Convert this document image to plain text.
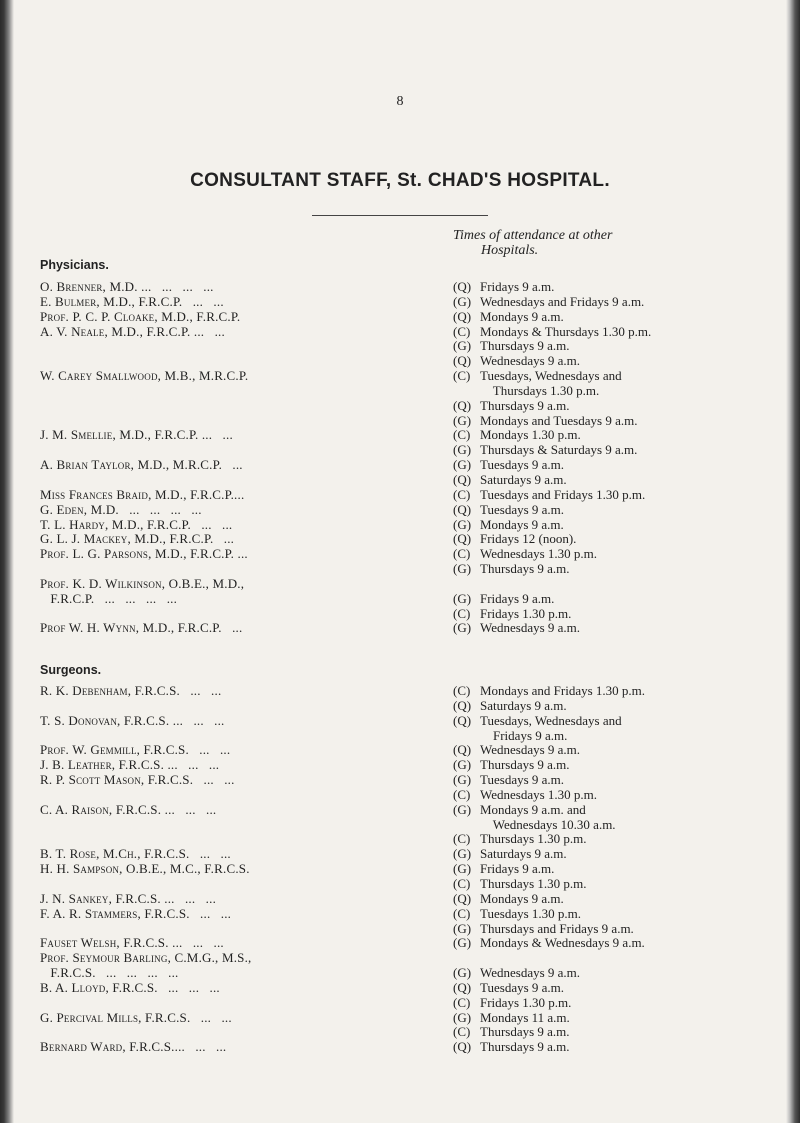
8
CONSULTANT STAFF, St. CHAD'S HOSPITAL.
Times of attendance at other
Hospitals.
Physicians.
O. Brenner, M.D. ...   ...   ...   ...	(Q) Fridays 9 a.m.
E. Bulmer, M.D., F.R.C.P.   ...   ...	(G) Wednesdays and Fridays 9 a.m.
Prof. P. C. P. Cloake, M.D., F.R.C.P.	(Q) Mondays 9 a.m.
A. V. Neale, M.D., F.R.C.P. ...   ...	(C) Mondays & Thursdays 1.30 p.m.
(G) Thursdays 9 a.m.
(Q) Wednesdays 9 a.m.
W. Carey Smallwood, M.B., M.R.C.P.	(C) Tuesdays, Wednesdays and
Thursdays 1.30 p.m.
(Q) Thursdays 9 a.m.
(G) Mondays and Tuesdays 9 a.m.
J. M. Smellie, M.D., F.R.C.P. ...   ...	(C) Mondays 1.30 p.m.
(G) Thursdays & Saturdays 9 a.m.
A. Brian Taylor, M.D., M.R.C.P.   ...	(G) Tuesdays 9 a.m.
(Q) Saturdays 9 a.m.
Miss Frances Braid, M.D., F.R.C.P....	(C) Tuesdays and Fridays 1.30 p.m.
G. Eden, M.D.   ...   ...   ...   ...	(Q) Tuesdays 9 a.m.
T. L. Hardy, M.D., F.R.C.P.   ...   ...	(G) Mondays 9 a.m.
G. L. J. Mackey, M.D., F.R.C.P.   ...	(Q) Fridays 12 (noon).
Prof. L. G. Parsons, M.D., F.R.C.P. ...	(C) Wednesdays 1.30 p.m.
(G) Thursdays 9 a.m.
Prof. K. D. Wilkinson, O.B.E., M.D.,
F.R.C.P.   ...   ...   ...   ...	(G) Fridays 9 a.m.
(C) Fridays 1.30 p.m.
Prof W. H. Wynn, M.D., F.R.C.P.   ...	(G) Wednesdays 9 a.m.
Surgeons.
R. K. Debenham, F.R.C.S.   ...   ...	(C) Mondays and Fridays 1.30 p.m.
(Q) Saturdays 9 a.m.
T. S. Donovan, F.R.C.S. ...   ...   ...	(Q) Tuesdays, Wednesdays and
Fridays 9 a.m.
Prof. W. Gemmill, F.R.C.S.   ...   ...	(Q) Wednesdays 9 a.m.
J. B. Leather, F.R.C.S. ...   ...   ...	(G) Thursdays 9 a.m.
R. P. Scott Mason, F.R.C.S.   ...   ...	(G) Tuesdays 9 a.m.
(C) Wednesdays 1.30 p.m.
C. A. Raison, F.R.C.S. ...   ...   ...	(G) Mondays 9 a.m. and
Wednesdays 10.30 a.m.
(C) Thursdays 1.30 p.m.
B. T. Rose, M.Ch., F.R.C.S.   ...   ...	(G) Saturdays 9 a.m.
H. H. Sampson, O.B.E., M.C., F.R.C.S.	(G) Fridays 9 a.m.
(C) Thursdays 1.30 p.m.
J. N. Sankey, F.R.C.S. ...   ...   ...	(Q) Mondays 9 a.m.
F. A. R. Stammers, F.R.C.S.   ...   ...	(C) Tuesdays 1.30 p.m.
(G) Thursdays and Fridays 9 a.m.
Fauset Welsh, F.R.C.S. ...   ...   ...	(G) Mondays & Wednesdays 9 a.m.
Prof. Seymour Barling, C.M.G., M.S.,
F.R.C.S.   ...   ...   ...   ...	(G) Wednesdays 9 a.m.
B. A. Lloyd, F.R.C.S.   ...   ...   ...	(Q) Tuesdays 9 a.m.
(C) Fridays 1.30 p.m.
G. Percival Mills, F.R.C.S.   ...   ...	(G) Mondays 11 a.m.
(C) Thursdays 9 a.m.
Bernard Ward, F.R.C.S....   ...   ...	(Q) Thursdays 9 a.m.
